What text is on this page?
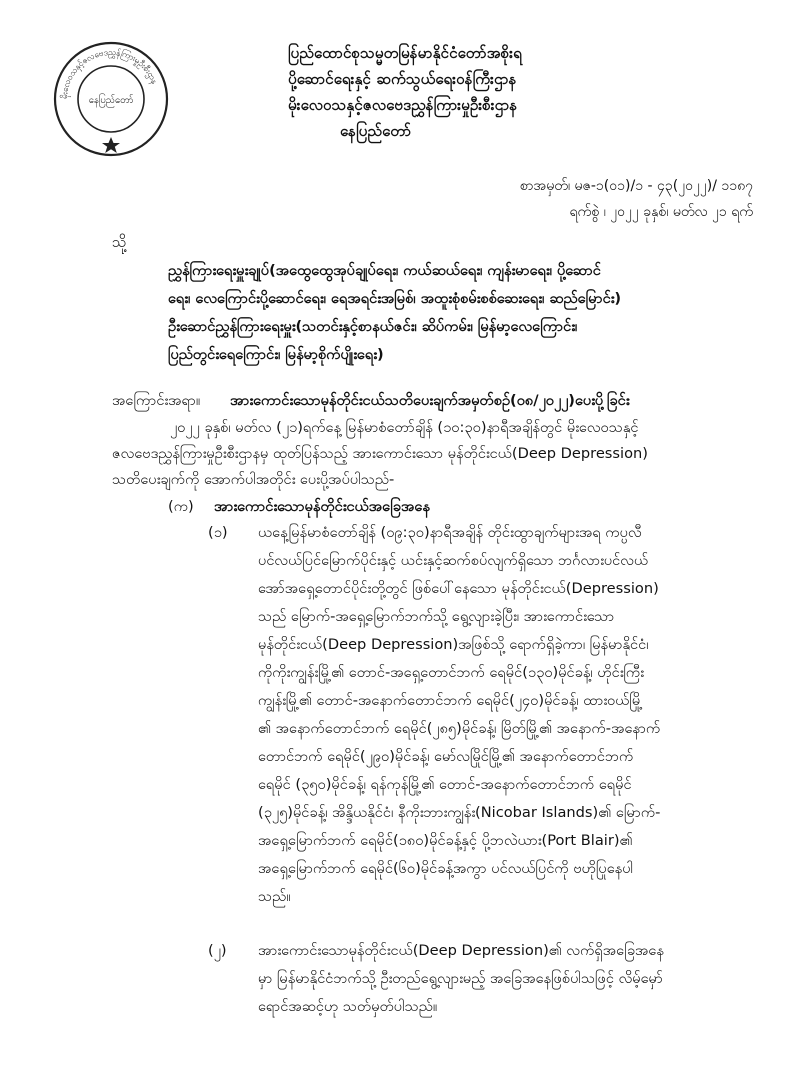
မိုးလေဝသနှင့်ဇလဗေဒညွှန်ကြားမှုဦးစီးဌာန
နေပြည်တော်
ပြည်ထောင်စုသမ္မတမြန်မာနိုင်ငံတော်အစိုးရ
ပို့ဆောင်ရေးနှင့် ဆက်သွယ်ရေးဝန်ကြီးဌာန
မိုးလေဝသနှင့်ဇလဗေဒညွှန်ကြားမှုဦးစီးဌာန
နေပြည်တော်
စာအမှတ်၊ မဇ-၁(၀၁)/၁ - ၄၃(၂၀၂၂)/ ၁၁၈၇
ရက်စွဲ ၊ ၂၀၂၂ ခုနှစ်၊ မတ်လ ၂၁ ရက်
သို့
ညွှန်ကြားရေးမှူးချုပ်(အထွေထွေအုပ်ချုပ်ရေး၊ ကယ်ဆယ်ရေး၊ ကျန်းမာရေး၊ ပို့ဆောင်
ရေး၊ လေကြောင်းပို့ဆောင်ရေး၊ ရေအရင်းအမြစ်၊ အထူးစုံစမ်းစစ်ဆေးရေး၊ ဆည်မြောင်း)
ဦးဆောင်ညွှန်ကြားရေးမှူး(သတင်းနှင့်စာနယ်ဇင်း၊ ဆိပ်ကမ်း၊ မြန်မာ့လေကြောင်း၊
ပြည်တွင်းရေကြောင်း၊ မြန်မာ့စိုက်ပျိုးရေး)
အကြောင်းအရာ။ အားကောင်းသောမုန်တိုင်းငယ်သတိပေးချက်အမှတ်စဉ်(၀၈/၂၀၂၂)ပေးပို့ခြင်း
၂၀၂၂ ခုနှစ်၊ မတ်လ (၂၁)ရက်နေ့ မြန်မာစံတော်ချိန် (၁၀:၃၀)နာရီအချိန်တွင် မိုးလေဝသနှင့်
ဇလဗေဒညွှန်ကြားမှုဦးစီးဌာနမှ ထုတ်ပြန်သည့် အားကောင်းသော မုန်တိုင်းငယ်(Deep Depression)
သတိပေးချက်ကို အောက်ပါအတိုင်း ပေးပို့အပ်ပါသည်-
(က) အားကောင်းသောမုန်တိုင်းငယ်အခြေအနေ
(၁) ယနေ့မြန်မာစံတော်ချိန် (၀၉:၃၀)နာရီအချိန် တိုင်းထွာချက်များအရ ကပ္ပလီ
ပင်လယ်ပြင်မြောက်ပိုင်းနှင့် ယင်းနှင့်ဆက်စပ်လျက်ရှိသော ဘင်္ဂလားပင်လယ်
အော်အရှေ့တောင်ပိုင်းတို့တွင် ဖြစ်ပေါ်နေသော မုန်တိုင်းငယ်(Depression)
သည် မြောက်-အရှေ့မြောက်ဘက်သို့ ရွေ့လျားခဲ့ပြီး၊ အားကောင်းသော
မုန်တိုင်းငယ်(Deep Depression)အဖြစ်သို့ ရောက်ရှိခဲ့ကာ၊ မြန်မာနိုင်ငံ၊
ကိုကိုးကျွန်းမြို့၏ တောင်-အရှေ့တောင်ဘက် ရေမိုင်(၁၃၀)မိုင်ခန့်၊ ဟိုင်းကြီး
ကျွန်းမြို့၏ တောင်-အနောက်တောင်ဘက် ရေမိုင်(၂၄၀)မိုင်ခန့်၊ ထားဝယ်မြို့
၏ အနောက်တောင်ဘက် ရေမိုင်(၂၈၅)မိုင်ခန့်၊ မြိတ်မြို့၏ အနောက်-အနောက်
တောင်ဘက် ရေမိုင်(၂၉၀)မိုင်ခန့်၊ မော်လမြိုင်မြို့၏ အနောက်တောင်ဘက်
ရေမိုင် (၃၅၀)မိုင်ခန့်၊ ရန်ကုန်မြို့၏ တောင်-အနောက်တောင်ဘက် ရေမိုင်
(၃၂၅)မိုင်ခန့်၊ အိန္ဒိယနိုင်ငံ၊ နီကိုးဘားကျွန်း(Nicobar Islands)၏ မြောက်-
အရှေ့မြောက်ဘက် ရေမိုင်(၁၈၀)မိုင်ခန့်နှင့် ပို့ဘလဲယား(Port Blair)၏
အရှေ့မြောက်ဘက် ရေမိုင်(၆၀)မိုင်ခန့်အကွာ ပင်လယ်ပြင်ကို ဗဟိုပြုနေပါ
သည်။
(၂) အားကောင်းသောမုန်တိုင်းငယ်(Deep Depression)၏ လက်ရှိအခြေအနေ
မှာ မြန်မာနိုင်ငံဘက်သို့ ဦးတည်ရွေ့လျားမည့် အခြေအနေဖြစ်ပါသဖြင့် လိမ့်မှော်
ရောင်အဆင့်ဟု သတ်မှတ်ပါသည်။
